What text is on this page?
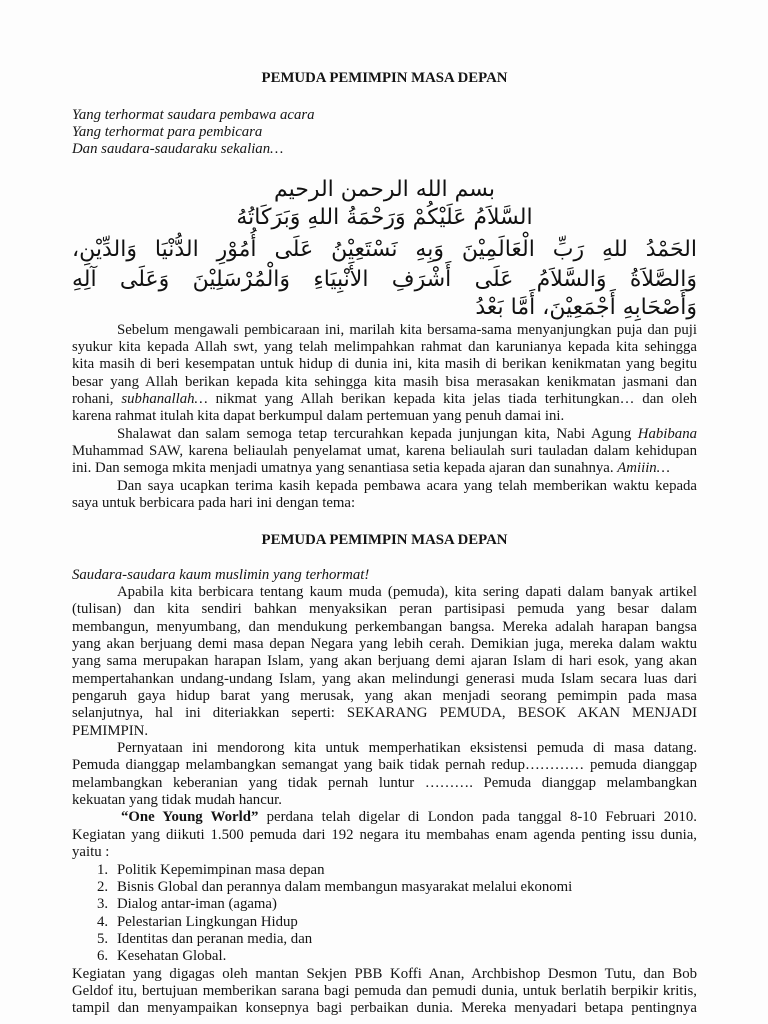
PEMUDA PEMIMPIN MASA DEPAN
Yang terhormat saudara pembawa acara
Yang terhormat para pembicara
Dan saudara-saudaraku sekalian…
بسم الله الرحمن الرحيم
السَّلاَمُ عَلَيْكُمْ وَرَحْمَةُ اللهِ وَبَرَكَاتُهُ
الحَمْدُ للهِ رَبِّ الْعَالَمِيْنَ وَبِهِ نَسْتَعِيْنُ عَلَى أُمُوْرِ الدُّنْيَا وَالدِّيْنِ،
وَالصَّلاَةُ وَالسَّلاَمُ عَلَى أَشْرَفِ الأَنْبِيَاءِ وَالْمُرْسَلِيْنَ وَعَلَى آلِهِ
وَأَصْحَابِهِ أَجْمَعِيْنَ، أَمَّا بَعْدُ
Sebelum mengawali pembicaraan ini, marilah kita bersama-sama menyanjungkan puja dan puji
syukur kita kepada Allah swt, yang telah melimpahkan rahmat dan karunianya kepada kita sehingga
kita masih di beri kesempatan untuk hidup di dunia ini, kita masih di berikan kenikmatan yang begitu
besar yang Allah berikan kepada kita sehingga kita masih bisa merasakan kenikmatan jasmani dan
rohani, subhanallah… nikmat yang Allah berikan kepada kita jelas tiada terhitungkan… dan oleh
karena rahmat itulah kita dapat berkumpul dalam pertemuan yang penuh damai ini.
Shalawat dan salam semoga tetap tercurahkan kepada junjungan kita, Nabi Agung Habibana
Muhammad SAW, karena beliaulah penyelamat umat, karena beliaulah suri tauladan dalam kehidupan
ini. Dan semoga mkita menjadi umatnya yang senantiasa setia kepada ajaran dan sunahnya. Amiiin…
Dan saya ucapkan terima kasih kepada pembawa acara yang telah memberikan waktu kepada
saya untuk berbicara pada hari ini dengan tema:
PEMUDA PEMIMPIN MASA DEPAN
Saudara-saudara kaum muslimin yang terhormat!
Apabila kita berbicara tentang kaum muda (pemuda), kita sering dapati dalam banyak artikel
(tulisan) dan kita sendiri bahkan menyaksikan peran partisipasi pemuda yang besar dalam
membangun, menyumbang, dan mendukung perkembangan bangsa. Mereka adalah harapan bangsa
yang akan berjuang demi masa depan Negara yang lebih cerah. Demikian juga, mereka dalam waktu
yang sama merupakan harapan Islam, yang akan berjuang demi ajaran Islam di hari esok, yang akan
mempertahankan undang-undang Islam, yang akan melindungi generasi muda Islam secara luas dari
pengaruh gaya hidup barat yang merusak, yang akan menjadi seorang pemimpin pada masa
selanjutnya, hal ini diteriakkan seperti: SEKARANG PEMUDA, BESOK AKAN MENJADI
PEMIMPIN.
Pernyataan ini mendorong kita untuk memperhatikan eksistensi pemuda di masa datang.
Pemuda dianggap melambangkan semangat yang baik tidak pernah redup………… pemuda dianggap
melambangkan keberanian yang tidak pernah luntur ………. Pemuda dianggap melambangkan
kekuatan yang tidak mudah hancur.
“One Young World” perdana telah digelar di London pada tanggal 8-10 Februari 2010.
Kegiatan yang diikuti 1.500 pemuda dari 192 negara itu membahas enam agenda penting issu dunia,
yaitu :
1. Politik Kepemimpinan masa depan
2. Bisnis Global dan perannya dalam membangun masyarakat melalui ekonomi
3. Dialog antar-iman (agama)
4. Pelestarian Lingkungan Hidup
5. Identitas dan peranan media, dan
6. Kesehatan Global.
Kegiatan yang digagas oleh mantan Sekjen PBB Koffi Anan, Archbishop Desmon Tutu, dan Bob
Geldof itu, bertujuan memberikan sarana bagi pemuda dan pemudi dunia, untuk berlatih berpikir kritis,
tampil dan menyampaikan konsepnya bagi perbaikan dunia. Mereka menyadari betapa pentingnya
